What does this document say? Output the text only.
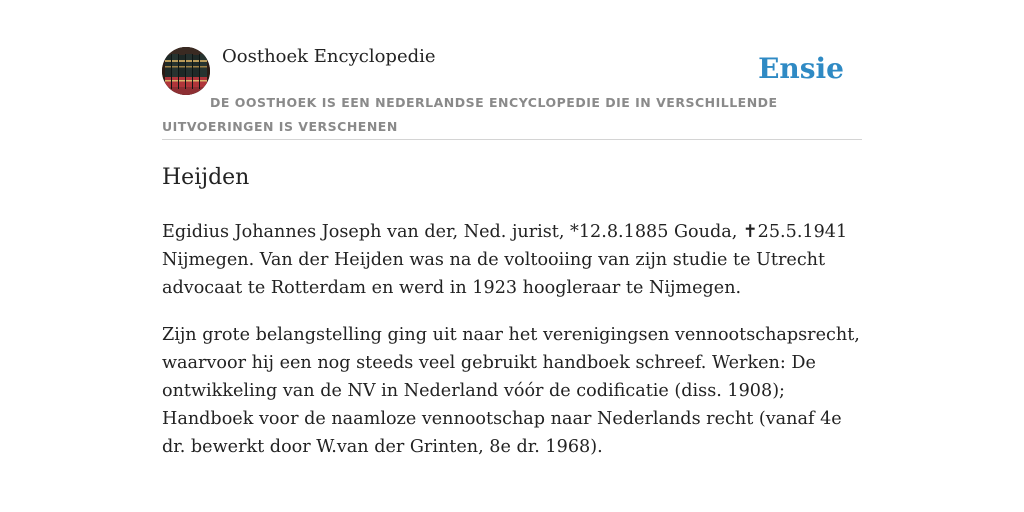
Oosthoek Encyclopedie	Ensie

DE OOSTHOEK IS EEN NEDERLANDSE ENCYCLOPEDIE DIE IN VERSCHILLENDE UITVOERINGEN IS VERSCHENEN

Heijden

Egidius Johannes Joseph van der, Ned. jurist, *12.8.1885 Gouda, ✝25.5.1941 Nijmegen. Van der Heijden was na de voltooiing van zijn studie te Utrecht advocaat te Rotterdam en werd in 1923 hoogleraar te Nijmegen.

Zijn grote belangstelling ging uit naar het verenigingsen vennootschapsrecht, waarvoor hij een nog steeds veel gebruikt handboek schreef. Werken: De ontwikkeling van de NV in Nederland vóór de codificatie (diss. 1908); Handboek voor de naamloze vennootschap naar Nederlands recht (vanaf 4e dr. bewerkt door W.van der Grinten, 8e dr. 1968).
